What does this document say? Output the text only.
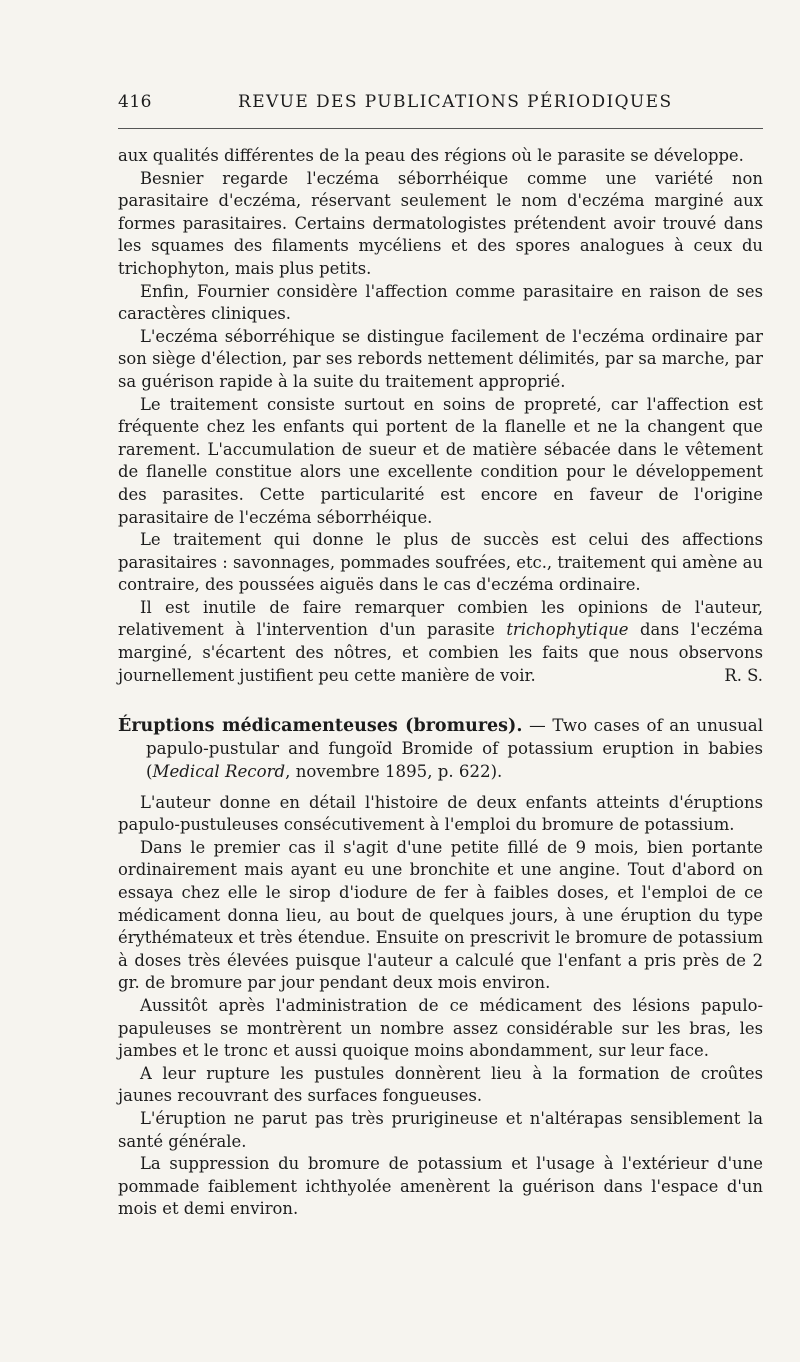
416	REVUE DES PUBLICATIONS PÉRIODIQUES

aux qualités différentes de la peau des régions où le parasite se développe.

Besnier regarde l'eczéma séborrhéique comme une variété non parasitaire d'eczéma, réservant seulement le nom d'eczéma marginé aux formes parasitaires. Certains dermatologistes prétendent avoir trouvé dans les squames des filaments mycéliens et des spores analogues à ceux du trichophyton, mais plus petits.

Enfin, Fournier considère l'affection comme parasitaire en raison de ses caractères cliniques.

L'eczéma séborréhique se distingue facilement de l'eczéma ordinaire par son siège d'élection, par ses rebords nettement délimités, par sa marche, par sa guérison rapide à la suite du traitement approprié.

Le traitement consiste surtout en soins de propreté, car l'affection est fréquente chez les enfants qui portent de la flanelle et ne la changent que rarement. L'accumulation de sueur et de matière sébacée dans le vêtement de flanelle constitue alors une excellente condition pour le développement des parasites. Cette particularité est encore en faveur de l'origine parasitaire de l'eczéma séborrhéique.

Le traitement qui donne le plus de succès est celui des affections parasitaires : savonnages, pommades soufrées, etc., traitement qui amène au contraire, des poussées aiguës dans le cas d'eczéma ordinaire.

Il est inutile de faire remarquer combien les opinions de l'auteur, relativement à l'intervention d'un parasite trichophytique dans l'eczéma marginé, s'écartent des nôtres, et combien les faits que nous observons journellement justifient peu cette manière de voir.	R. S.

Éruptions médicamenteuses (bromures). — Two cases of an unusual papulo-pustular and fungoïd Bromide of potassium eruption in babies (Medical Record, novembre 1895, p. 622).

L'auteur donne en détail l'histoire de deux enfants atteints d'éruptions papulo-pustuleuses consécutivement à l'emploi du bromure de potassium.

Dans le premier cas il s'agit d'une petite fillé de 9 mois, bien portante ordinairement mais ayant eu une bronchite et une angine. Tout d'abord on essaya chez elle le sirop d'iodure de fer à faibles doses, et l'emploi de ce médicament donna lieu, au bout de quelques jours, à une éruption du type érythémateux et très étendue. Ensuite on prescrivit le bromure de potassium à doses très élevées puisque l'auteur a calculé que l'enfant a pris près de 2 gr. de bromure par jour pendant deux mois environ.

Aussitôt après l'administration de ce médicament des lésions papulo-papuleuses se montrèrent un nombre assez considérable sur les bras, les jambes et le tronc et aussi quoique moins abondamment, sur leur face.

A leur rupture les pustules donnèrent lieu à la formation de croûtes jaunes recouvrant des surfaces fongueuses.

L'éruption ne parut pas très prurigineuse et n'altérapas sensiblement la santé générale.

La suppression du bromure de potassium et l'usage à l'extérieur d'une pommade faiblement ichthyolée amenèrent la guérison dans l'espace d'un mois et demi environ.
